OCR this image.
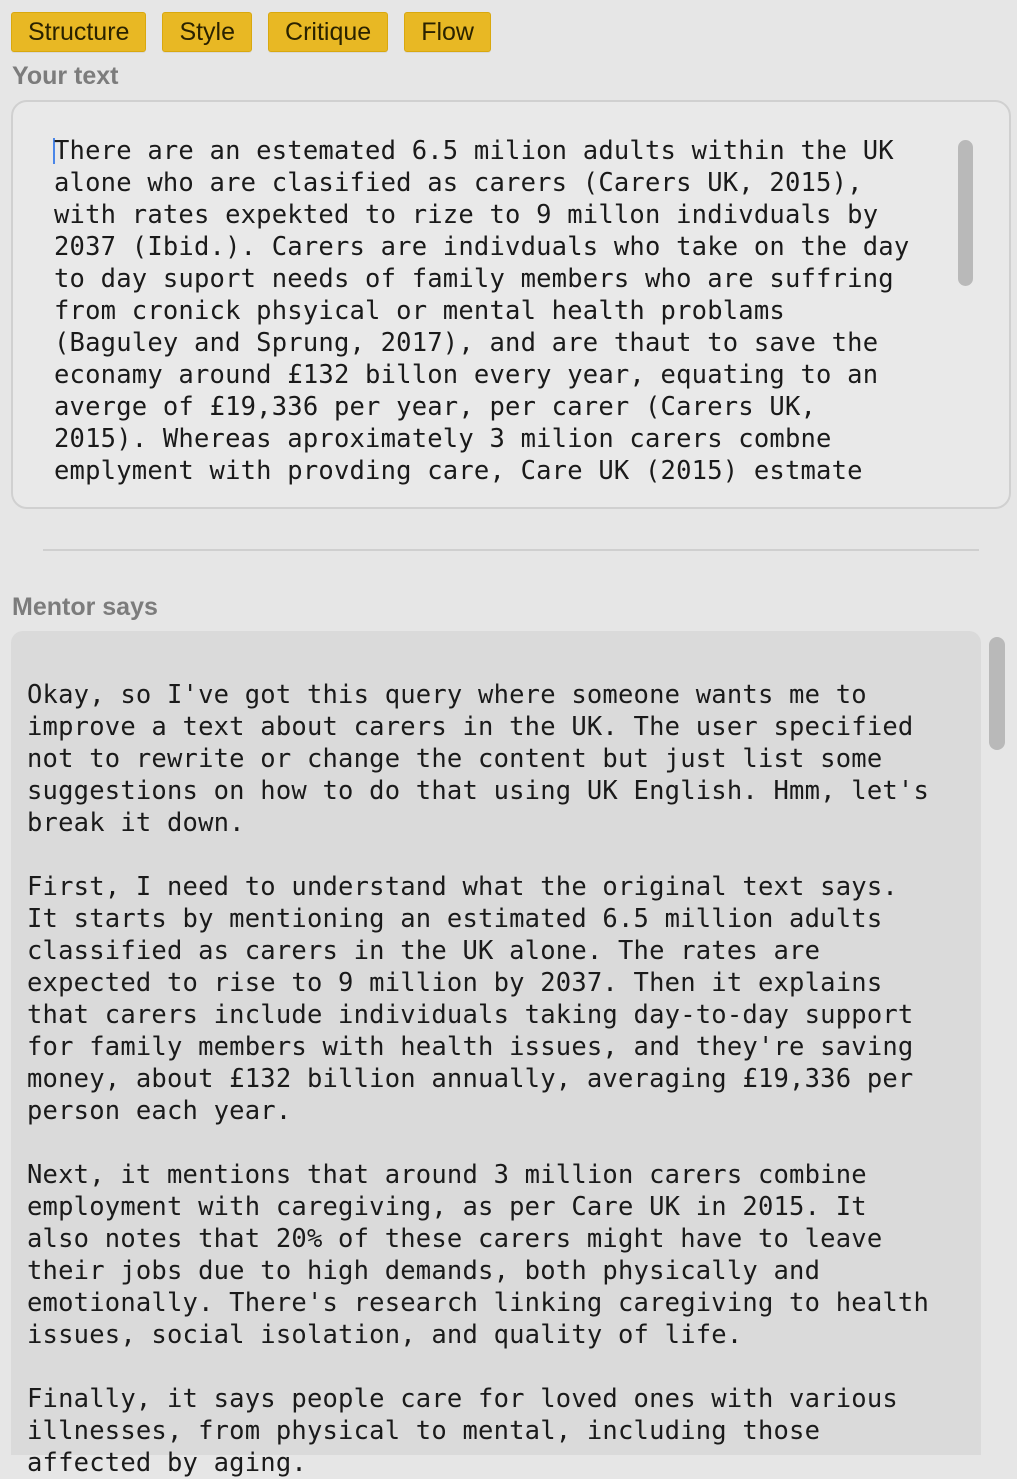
Structure	Style	Critique	Flow
Your text
There are an estemated 6.5 milion adults within the UK
alone who are clasified as carers (Carers UK, 2015),
with rates expekted to rize to 9 millon indivduals by
2037 (Ibid.). Carers are indivduals who take on the day
to day suport needs of family members who are suffring
from cronick phsyical or mental health problams
(Baguley and Sprung, 2017), and are thaut to save the
econamy around £132 billon every year, equating to an
averge of £19,336 per year, per carer (Carers UK,
2015). Whereas aproximately 3 milion carers combne
emplyment with provding care, Care UK (2015) estmate
Mentor says
Okay, so I've got this query where someone wants me to
improve a text about carers in the UK. The user specified
not to rewrite or change the content but just list some
suggestions on how to do that using UK English. Hmm, let's
break it down.

First, I need to understand what the original text says.
It starts by mentioning an estimated 6.5 million adults
classified as carers in the UK alone. The rates are
expected to rise to 9 million by 2037. Then it explains
that carers include individuals taking day-to-day support
for family members with health issues, and they're saving
money, about £132 billion annually, averaging £19,336 per
person each year.

Next, it mentions that around 3 million carers combine
employment with caregiving, as per Care UK in 2015. It
also notes that 20% of these carers might have to leave
their jobs due to high demands, both physically and
emotionally. There's research linking caregiving to health
issues, social isolation, and quality of life.

Finally, it says people care for loved ones with various
illnesses, from physical to mental, including those
affected by aging.
